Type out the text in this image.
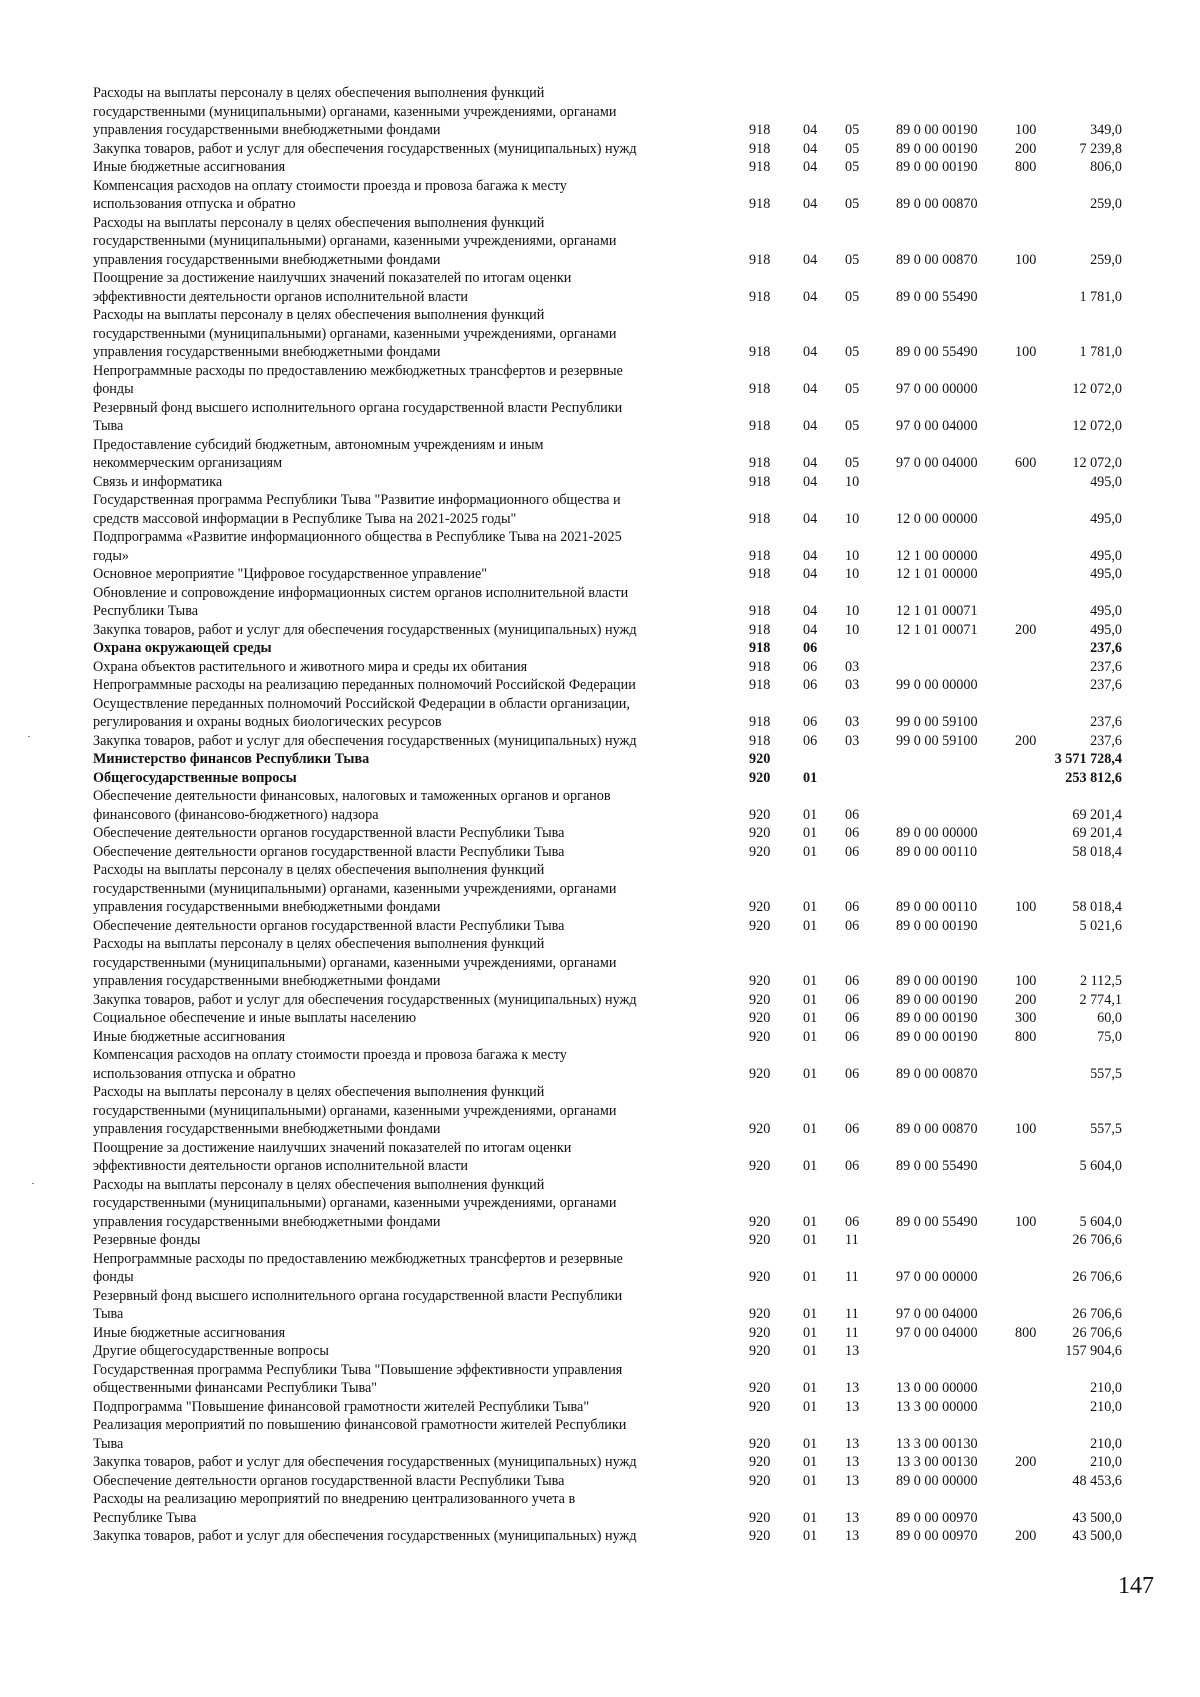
Расходы на выплаты персоналу в целях обеспечения выполнения функций
государственными (муниципальными) органами, казенными учреждениями, органами
управления государственными внебюджетными фондами	918 04 05	89 0 00 00190	100	349,0
Закупка товаров, работ и услуг для обеспечения государственных (муниципальных) нужд	918 04 05	89 0 00 00190	200	7 239,8
Иные бюджетные ассигнования	918 04 05	89 0 00 00190	800	806,0
Компенсация расходов на оплату стоимости проезда и провоза багажа к месту
использования отпуска и обратно	918 04 05	89 0 00 00870	259,0
Расходы на выплаты персоналу в целях обеспечения выполнения функций
государственными (муниципальными) органами, казенными учреждениями, органами
управления государственными внебюджетными фондами	918 04 05	89 0 00 00870	100	259,0
Поощрение за достижение наилучших значений показателей по итогам оценки
эффективности деятельности органов исполнительной власти	918 04 05	89 0 00 55490	1 781,0
Расходы на выплаты персоналу в целях обеспечения выполнения функций
государственными (муниципальными) органами, казенными учреждениями, органами
управления государственными внебюджетными фондами	918 04 05	89 0 00 55490	100	1 781,0
Непрограммные расходы по предоставлению межбюджетных трансфертов и резервные
фонды	918 04 05	97 0 00 00000	12 072,0
Резервный фонд высшего исполнительного органа государственной власти Республики
Тыва	918 04 05	97 0 00 04000	12 072,0
Предоставление субсидий бюджетным, автономным учреждениям и иным
некоммерческим организациям	918 04 05	97 0 00 04000	600	12 072,0
Связь и информатика	918 04 10	495,0
Государственная программа Республики Тыва "Развитие информационного общества и
средств массовой информации в Республике Тыва на 2021-2025 годы"	918 04 10	12 0 00 00000	495,0
Подпрограмма «Развитие информационного общества в Республике Тыва на 2021-2025
годы»	918 04 10	12 1 00 00000	495,0
Основное мероприятие "Цифровое государственное управление"	918 04 10	12 1 01 00000	495,0
Обновление и сопровождение информационных систем органов исполнительной власти
Республики Тыва	918 04 10	12 1 01 00071	495,0
Закупка товаров, работ и услуг для обеспечения государственных (муниципальных) нужд	918 04 10	12 1 01 00071	200	495,0
Охрана окружающей среды	918 06	237,6
Охрана объектов растительного и животного мира и среды их обитания	918 06 03	237,6
Непрограммные расходы на реализацию переданных полномочий Российской Федерации	918 06 03	99 0 00 00000	237,6
Осуществление переданных полномочий Российской Федерации в области организации,
регулирования и охраны водных биологических ресурсов	918 06 03	99 0 00 59100	237,6
Закупка товаров, работ и услуг для обеспечения государственных (муниципальных) нужд	918 06 03	99 0 00 59100	200	237,6
Министерство финансов Республики Тыва	920	3 571 728,4
Общегосударственные вопросы	920 01	253 812,6
Обеспечение деятельности финансовых, налоговых и таможенных органов и органов
финансового (финансово-бюджетного) надзора	920 01 06	69 201,4
Обеспечение деятельности органов государственной власти Республики Тыва	920 01 06	89 0 00 00000	69 201,4
Обеспечение деятельности органов государственной власти Республики Тыва	920 01 06	89 0 00 00110	58 018,4
Расходы на выплаты персоналу в целях обеспечения выполнения функций
государственными (муниципальными) органами, казенными учреждениями, органами
управления государственными внебюджетными фондами	920 01 06	89 0 00 00110	100	58 018,4
Обеспечение деятельности органов государственной власти Республики Тыва	920 01 06	89 0 00 00190	5 021,6
Расходы на выплаты персоналу в целях обеспечения выполнения функций
государственными (муниципальными) органами, казенными учреждениями, органами
управления государственными внебюджетными фондами	920 01 06	89 0 00 00190	100	2 112,5
Закупка товаров, работ и услуг для обеспечения государственных (муниципальных) нужд	920 01 06	89 0 00 00190	200	2 774,1
Социальное обеспечение и иные выплаты населению	920 01 06	89 0 00 00190	300	60,0
Иные бюджетные ассигнования	920 01 06	89 0 00 00190	800	75,0
Компенсация расходов на оплату стоимости проезда и провоза багажа к месту
использования отпуска и обратно	920 01 06	89 0 00 00870	557,5
Расходы на выплаты персоналу в целях обеспечения выполнения функций
государственными (муниципальными) органами, казенными учреждениями, органами
управления государственными внебюджетными фондами	920 01 06	89 0 00 00870	100	557,5
Поощрение за достижение наилучших значений показателей по итогам оценки
эффективности деятельности органов исполнительной власти	920 01 06	89 0 00 55490	5 604,0
Расходы на выплаты персоналу в целях обеспечения выполнения функций
государственными (муниципальными) органами, казенными учреждениями, органами
управления государственными внебюджетными фондами	920 01 06	89 0 00 55490	100	5 604,0
Резервные фонды	920 01 11	26 706,6
Непрограммные расходы по предоставлению межбюджетных трансфертов и резервные
фонды	920 01 11	97 0 00 00000	26 706,6
Резервный фонд высшего исполнительного органа государственной власти Республики
Тыва	920 01 11	97 0 00 04000	26 706,6
Иные бюджетные ассигнования	920 01 11	97 0 00 04000	800	26 706,6
Другие общегосударственные вопросы	920 01 13	157 904,6
Государственная программа Республики Тыва "Повышение эффективности управления
общественными финансами Республики Тыва"	920 01 13	13 0 00 00000	210,0
Подпрограмма "Повышение финансовой грамотности жителей Республики Тыва"	920 01 13	13 3 00 00000	210,0
Реализация мероприятий по повышению финансовой грамотности жителей Республики
Тыва	920 01 13	13 3 00 00130	210,0
Закупка товаров, работ и услуг для обеспечения государственных (муниципальных) нужд	920 01 13	13 3 00 00130	200	210,0
Обеспечение деятельности органов государственной власти Республики Тыва	920 01 13	89 0 00 00000	48 453,6
Расходы на реализацию мероприятий по внедрению централизованного учета в
Республике Тыва	920 01 13	89 0 00 00970	43 500,0
Закупка товаров, работ и услуг для обеспечения государственных (муниципальных) нужд	920 01 13	89 0 00 00970	200	43 500,0
147
